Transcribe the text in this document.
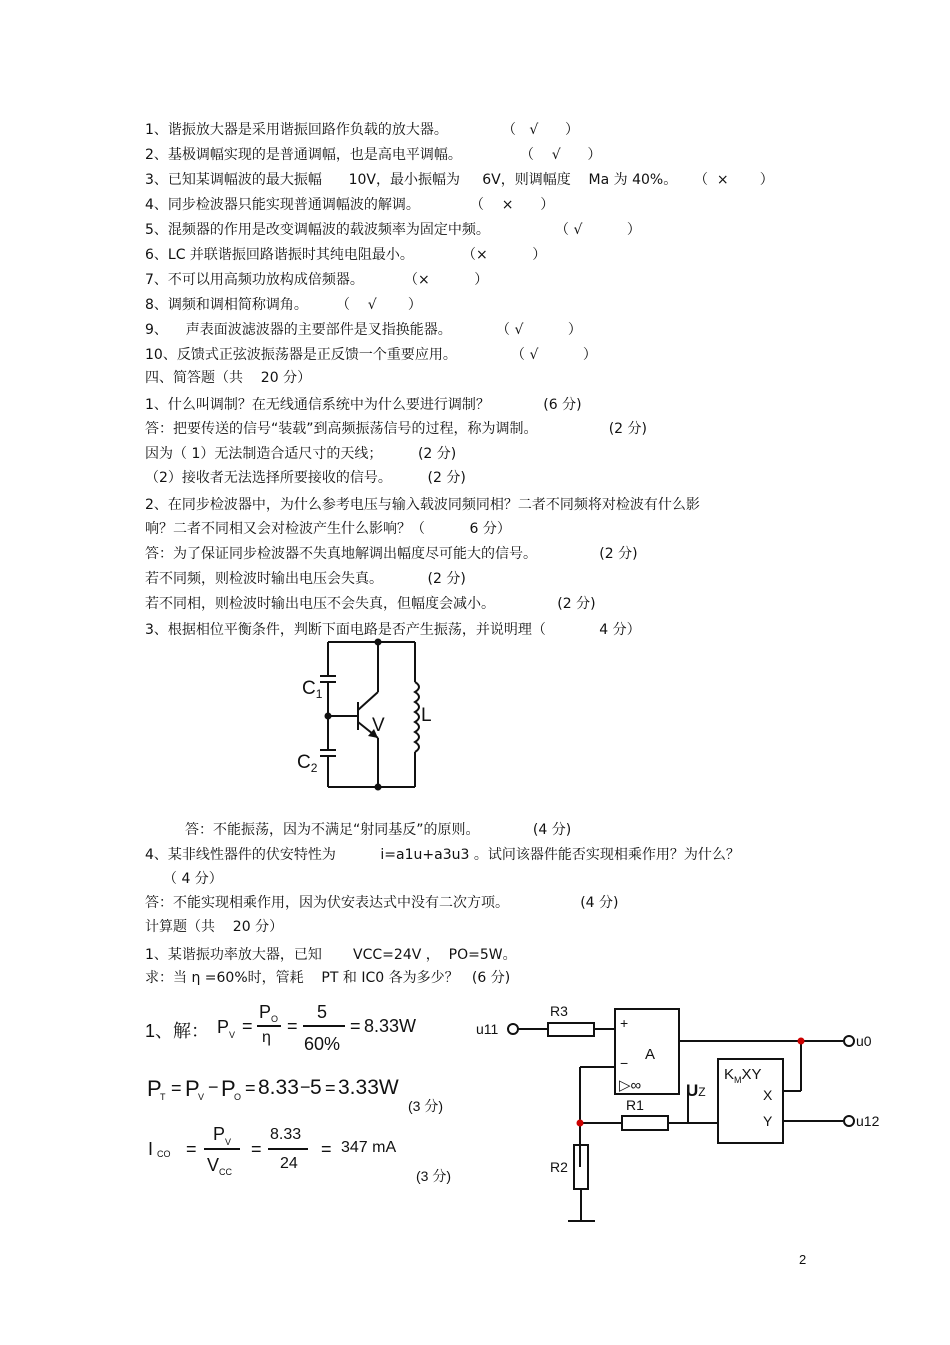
1、谐振放大器是采用谐振回路作负载的放大器。	（   √      ）
2、基极调幅实现的是普通调幅，也是高电平调幅。	（    √      ）
3、已知某调幅波的最大振幅      10V，最小振幅为     6V，则调幅度    Ma 为 40%。 （  ×       ）
4、同步检波器只能实现普通调幅波的解调。	（    ×      ）
5、混频器的作用是改变调幅波的载波频率为固定中频。	（ √          ）
6、LC 并联谐振回路谐振时其纯电阻最小。	（×          ）
7、不可以用高频功放构成倍频器。	（×          ）
8、调频和调相简称调角。 （    √       ）
9、    声表面波滤波器的主要部件是叉指换能器。	（ √          ）
10、反馈式正弦波振荡器是正反馈一个重要应用。	（ √          ）
四、简答题（共    20 分）
1、什么叫调制？在无线通信系统中为什么要进行调制？            (6 分)
答：把要传送的信号“装载”到高频振荡信号的过程，称为调制。                (2 分)
因为（ 1）无法制造合适尺寸的天线；        (2 分)
（2）接收者无法选择所要接收的信号。        (2 分)
2、在同步检波器中，为什么参考电压与输入载波同频同相？二者不同频将对检波有什么影
响？二者不同相又会对检波产生什么影响？（          6 分）
答：为了保证同步检波器不失真地解调出幅度尽可能大的信号。              (2 分)
若不同频，则检波时输出电压会失真。          (2 分)
若不同相，则检波时输出电压不会失真，但幅度会减小。              (2 分)
3、根据相位平衡条件，判断下面电路是否产生振荡，并说明理（            4 分）
$C_1$
$C_2$
V L
答：不能振荡，因为不满足“射同基反”的原则。            (4 分)
4、某非线性器件的伏安特性为          i=a1u+a3u3 。试问该器件能否实现相乘作用？为什么？
（ 4 分）
答：不能实现相乘作用，因为伏安表达式中没有二次方项。                (4 分)
计算题（共    20 分）
1、某谐振功率放大器，已知       VCC=24V ，  PO=5W。
求：当 η =60%时，管耗    PT 和 IC0 各为多少？   (6 分)
1、解： P V =
P O
η
=
5
60%
= 8.33W
P
T = P
V − P
O = 8.33 − 5 = 3.33W
(3 分)
I CO =
P V
V CC
=
8.33
24
= 347 mA
(3 分)
u11
R3
+
− A
▷∞
u0
UZ
$K_MXY$
X
Y	u12
R1
R2
2
